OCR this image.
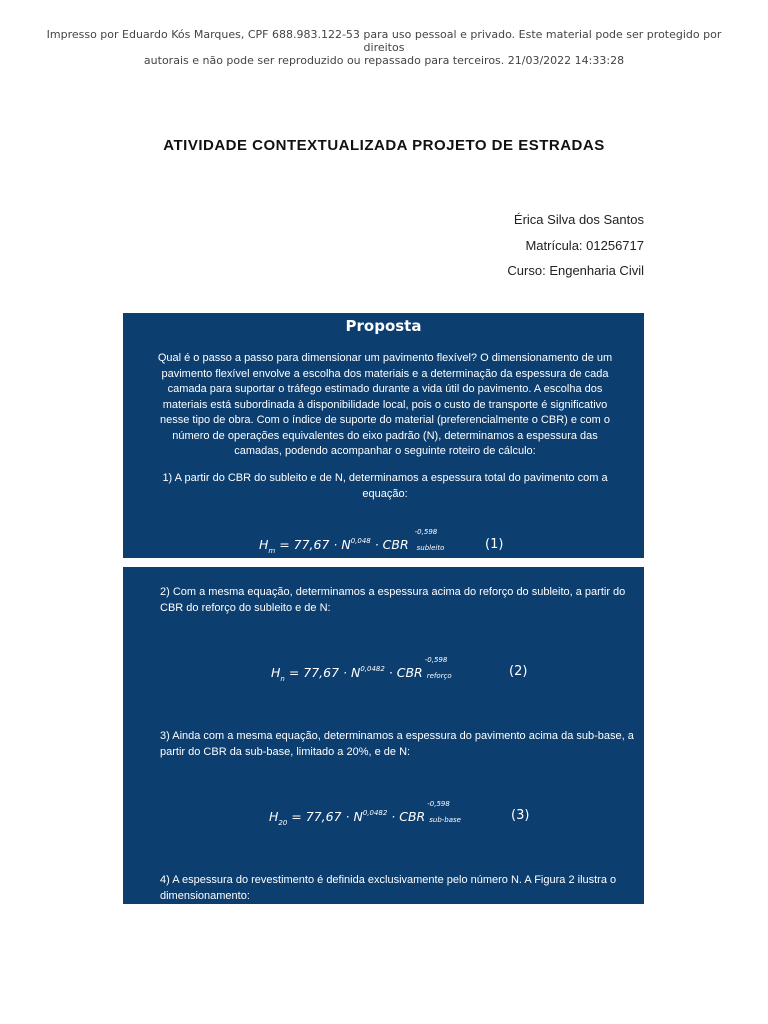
Impresso por Eduardo Kós Marques, CPF 688.983.122-53 para uso pessoal e privado. Este material pode ser protegido por direitos
autorais e não pode ser reproduzido ou repassado para terceiros. 21/03/2022 14:33:28
ATIVIDADE CONTEXTUALIZADA PROJETO DE ESTRADAS
Érica Silva dos Santos
Matrícula: 01256717
Curso: Engenharia Civil
Proposta
Qual é o passo a passo para dimensionar um pavimento flexível? O dimensionamento de um pavimento flexível envolve a escolha dos materiais e a determinação da espessura de cada camada para suportar o tráfego estimado durante a vida útil do pavimento. A escolha dos materiais está subordinada à disponibilidade local, pois o custo de transporte é significativo nesse tipo de obra. Com o índice de suporte do material (preferencialmente o CBR) e com o número de operações equivalentes do eixo padrão (N), determinamos a espessura das camadas, podendo acompanhar o seguinte roteiro de cálculo:
1) A partir do CBR do subleito e de N, determinamos a espessura total do pavimento com a equação:
$H_m = 77,67 \cdot N^{0,048}$ · CBR
-0,598
subleito	(1)
2) Com a mesma equação, determinamos a espessura acima do reforço do subleito, a partir do CBR do reforço do subleito e de N:
$H_n = 77,67 \cdot N^{0,0482}$ · CBR
-0,598
reforço	(2)
3) Ainda com a mesma equação, determinamos a espessura do pavimento acima da sub-base, a partir do CBR da sub-base, limitado a 20%, e de N:
$H_{20} = 77,67 \cdot N^{0,0482}$ · CBR
-0,598
sub-base	(3)
4) A espessura do revestimento é definida exclusivamente pelo número N. A Figura 2 ilustra o dimensionamento:
